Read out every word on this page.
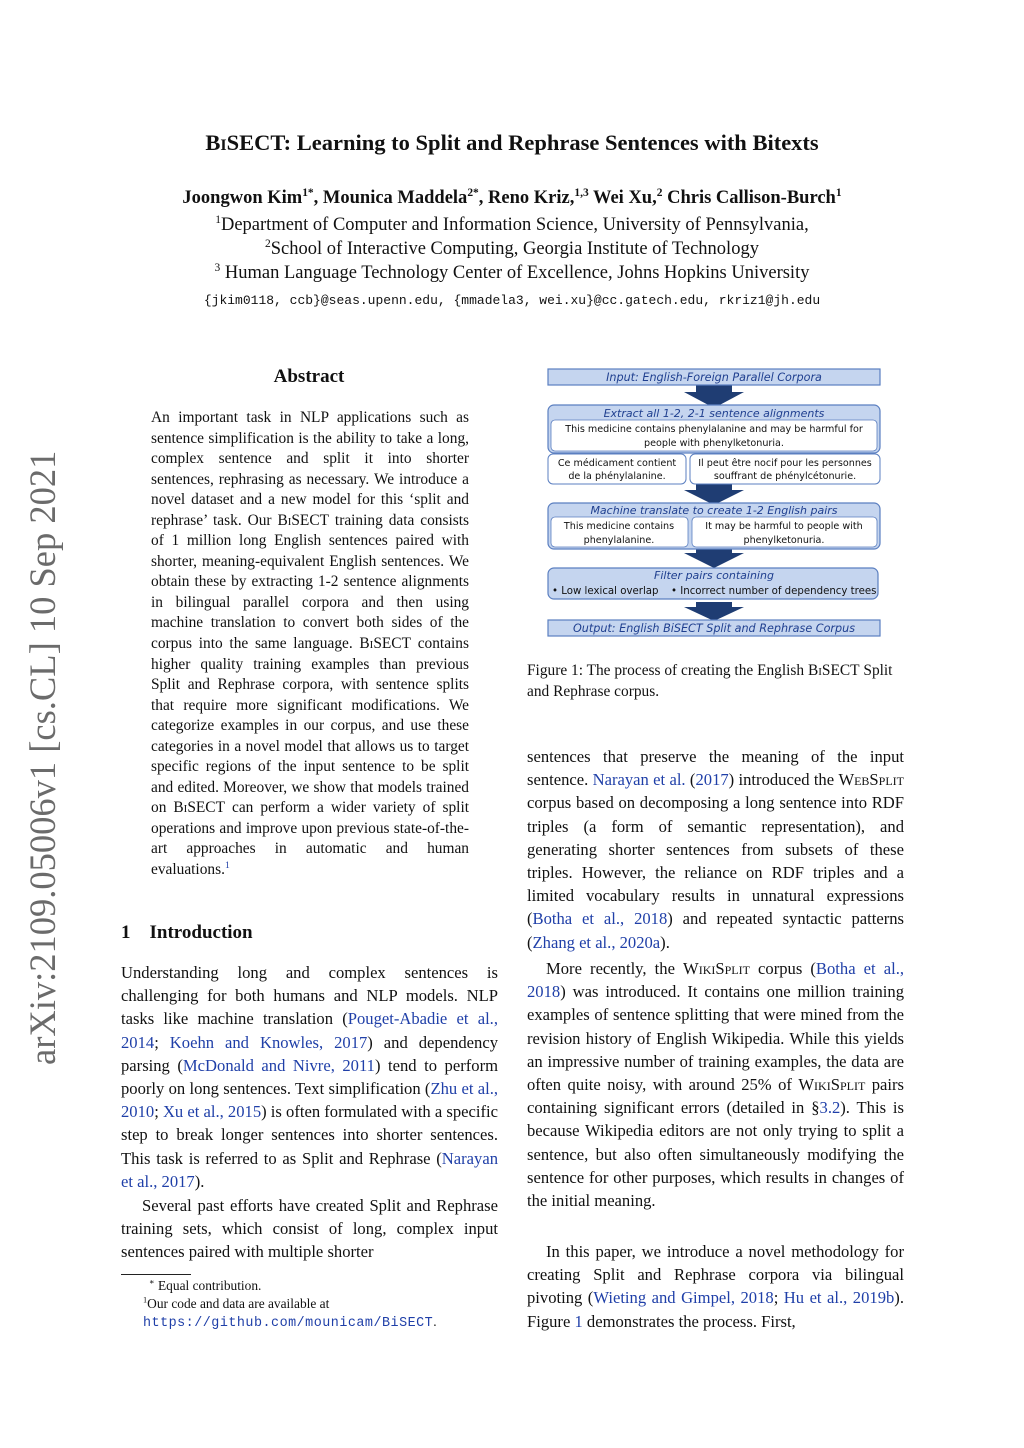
BiSECT: Learning to Split and Rephrase Sentences with Bitexts
Joongwon Kim$^{1*}$, Mounica Maddela$^{2*}$, Reno Kriz,$^{1,3}$ Wei Xu,$^2$ Chris Callison-Burch$^1$
$^1$Department of Computer and Information Science, University of Pennsylvania,
$^2$School of Interactive Computing, Georgia Institute of Technology
$^3$ Human Language Technology Center of Excellence, Johns Hopkins University
{jkim0118, ccb}@seas.upenn.edu, {mmadela3, wei.xu}@cc.gatech.edu, rkriz1@jh.edu
arXiv:2109.05006v1 [cs.CL] 10 Sep 2021
Abstract
An important task in NLP applications such as sentence simplification is the ability to take a long, complex sentence and split it into shorter sentences, rephrasing as necessary. We introduce a novel dataset and a new model for this ‘split and rephrase’ task. Our BiSECT training data consists of 1 million long English sentences paired with shorter, meaning-equivalent English sentences. We obtain these by extracting 1-2 sentence alignments in bilingual parallel corpora and then using machine translation to convert both sides of the corpus into the same language. BiSECT contains higher quality training examples than previous Split and Rephrase corpora, with sentence splits that require more significant modifications. We categorize examples in our corpus, and use these categories in a novel model that allows us to target specific regions of the input sentence to be split and edited. Moreover, we show that models trained on BiSECT can perform a wider variety of split operations and improve upon previous state-of-the-art approaches in automatic and human evaluations.$^1$
1 Introduction
Understanding long and complex sentences is challenging for both humans and NLP models. NLP tasks like machine translation (Pouget-Abadie et al., 2014; Koehn and Knowles, 2017) and dependency parsing (McDonald and Nivre, 2011) tend to perform poorly on long sentences. Text simplification (Zhu et al., 2010; Xu et al., 2015) is often formulated with a specific step to break longer sentences into shorter sentences. This task is referred to as Split and Rephrase (Narayan et al., 2017).
Several past efforts have created Split and Rephrase training sets, which consist of long, complex input sentences paired with multiple shorter
∗ Equal contribution.
$^1$Our code and data are available at https://github.com/mounicam/BiSECT.
Input: English-Foreign Parallel Corpora
Extract all 1-2, 2-1 sentence alignments
This medicine contains phenylalanine and may be harmful for
people with phenylketonuria.
Ce médicament contient
de la phénylalanine.
Il peut être nocif pour les personnes
souffrant de phénylcétonurie.
Machine translate to create 1-2 English pairs
This medicine contains
phenylalanine.
It may be harmful to people with
phenylketonuria.
Filter pairs containing
• Low lexical overlap • Incorrect number of dependency trees
Output: English BiSECT Split and Rephrase Corpus
Figure 1: The process of creating the English BiSECT Split and Rephrase corpus.
sentences that preserve the meaning of the input sentence. Narayan et al. (2017) introduced the WebSplit corpus based on decomposing a long sentence into RDF triples (a form of semantic representation), and generating shorter sentences from subsets of these triples. However, the reliance on RDF triples and a limited vocabulary results in unnatural expressions (Botha et al., 2018) and repeated syntactic patterns (Zhang et al., 2020a).
More recently, the WikiSplit corpus (Botha et al., 2018) was introduced. It contains one million training examples of sentence splitting that were mined from the revision history of English Wikipedia. While this yields an impressive number of training examples, the data are often quite noisy, with around 25% of WikiSplit pairs containing significant errors (detailed in §3.2). This is because Wikipedia editors are not only trying to split a sentence, but also often simultaneously modifying the sentence for other purposes, which results in changes of the initial meaning.
In this paper, we introduce a novel methodology for creating Split and Rephrase corpora via bilingual pivoting (Wieting and Gimpel, 2018; Hu et al., 2019b). Figure 1 demonstrates the process. First,
